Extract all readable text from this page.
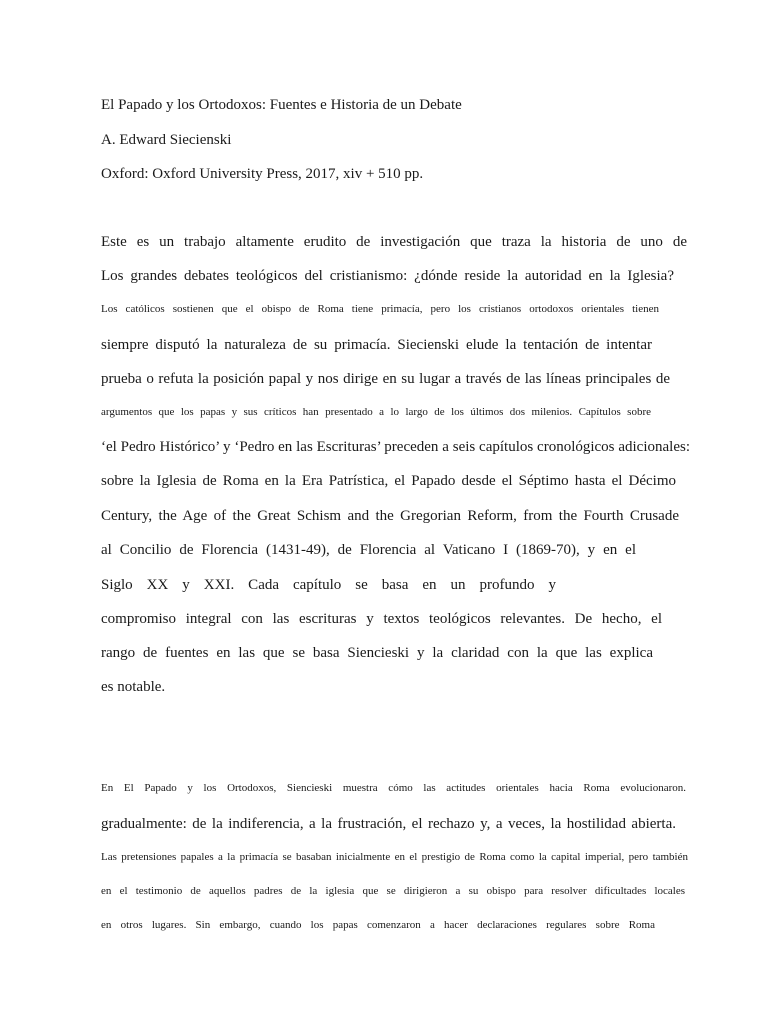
El Papado y los Ortodoxos: Fuentes e Historia de un Debate
A. Edward Siecienski
Oxford: Oxford University Press, 2017, xiv + 510 pp.
Este es un trabajo altamente erudito de investigación que traza la historia de uno de
Los grandes debates teológicos del cristianismo: ¿dónde reside la autoridad en la Iglesia?
Los católicos sostienen que el obispo de Roma tiene primacía, pero los cristianos ortodoxos orientales tienen
siempre disputó la naturaleza de su primacía. Siecienski elude la tentación de intentar
prueba o refuta la posición papal y nos dirige en su lugar a través de las líneas principales de
argumentos que los papas y sus críticos han presentado a lo largo de los últimos dos milenios. Capítulos sobre
‘el Pedro Histórico’ y ‘Pedro en las Escrituras’ preceden a seis capítulos cronológicos adicionales:
sobre la Iglesia de Roma en la Era Patrística, el Papado desde el Séptimo hasta el Décimo
Century, the Age of the Great Schism and the Gregorian Reform, from the Fourth Crusade
al Concilio de Florencia (1431-49), de Florencia al Vaticano I (1869-70), y en el
Siglo XX y XXI. Cada capítulo se basa en un profundo y
compromiso integral con las escrituras y textos teológicos relevantes. De hecho, el
rango de fuentes en las que se basa Siencieski y la claridad con la que las explica
es notable.
En El Papado y los Ortodoxos, Siencieski muestra cómo las actitudes orientales hacia Roma evolucionaron.
gradualmente: de la indiferencia, a la frustración, el rechazo y, a veces, la hostilidad abierta.
Las pretensiones papales a la primacía se basaban inicialmente en el prestigio de Roma como la capital imperial, pero también
en el testimonio de aquellos padres de la iglesia que se dirigieron a su obispo para resolver dificultades locales
en otros lugares. Sin embargo, cuando los papas comenzaron a hacer declaraciones regulares sobre Roma
